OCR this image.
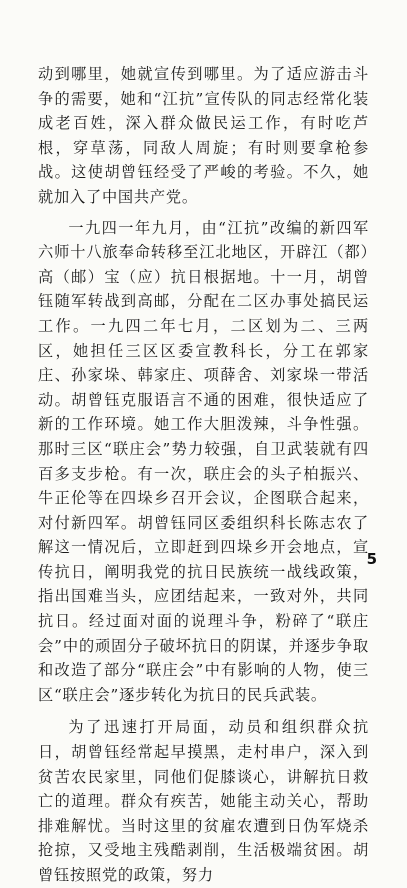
动到哪里，她就宣传到哪里。为了适应游击斗争的需要，她和“江抗”宣传队的同志经常化装成老百姓，深入群众做民运工作，有时吃芦根，穿草荡，同敌人周旋；有时则要拿枪参战。这使胡曾钰经受了严峻的考验。不久，她就加入了中国共产党。

一九四一年九月，由“江抗”改编的新四军六师十八旅奉命转移至江北地区，开辟江（都）高（邮）宝（应）抗日根据地。十一月，胡曾钰随军转战到高邮，分配在二区办事处搞民运工作。一九四二年七月，二区划为二、三两区，她担任三区区委宣教科长，分工在郭家庄、孙家垛、韩家庄、项薛舍、刘家垛一带活动。胡曾钰克服语言不通的困难，很快适应了新的工作环境。她工作大胆泼辣，斗争性强。那时三区“联庄会”势力较强，自卫武装就有四百多支步枪。有一次，联庄会的头子柏振兴、牛正伦等在四垛乡召开会议，企图联合起来，对付新四军。胡曾钰同区委组织科长陈志农了解这一情况后，立即赶到四垛乡开会地点，宣传抗日，阐明我党的抗日民族统一战线政策，指出国难当头，应团结起来，一致对外，共同抗日。经过面对面的说理斗争，粉碎了“联庄会”中的顽固分子破坏抗日的阴谋，并逐步争取和改造了部分“联庄会”中有影响的人物，使三区“联庄会”逐步转化为抗日的民兵武装。

为了迅速打开局面，动员和组织群众抗日，胡曾钰经常起早摸黑，走村串户，深入到贫苦农民家里，同他们促膝谈心，讲解抗日救亡的道理。群众有疾苦，她能主动关心，帮助排难解忧。当时这里的贫雇农遭到日伪军烧杀抢掠，又受地主残酷剥削，生活极端贫困。胡曾钰按照党的政策，努力

5
